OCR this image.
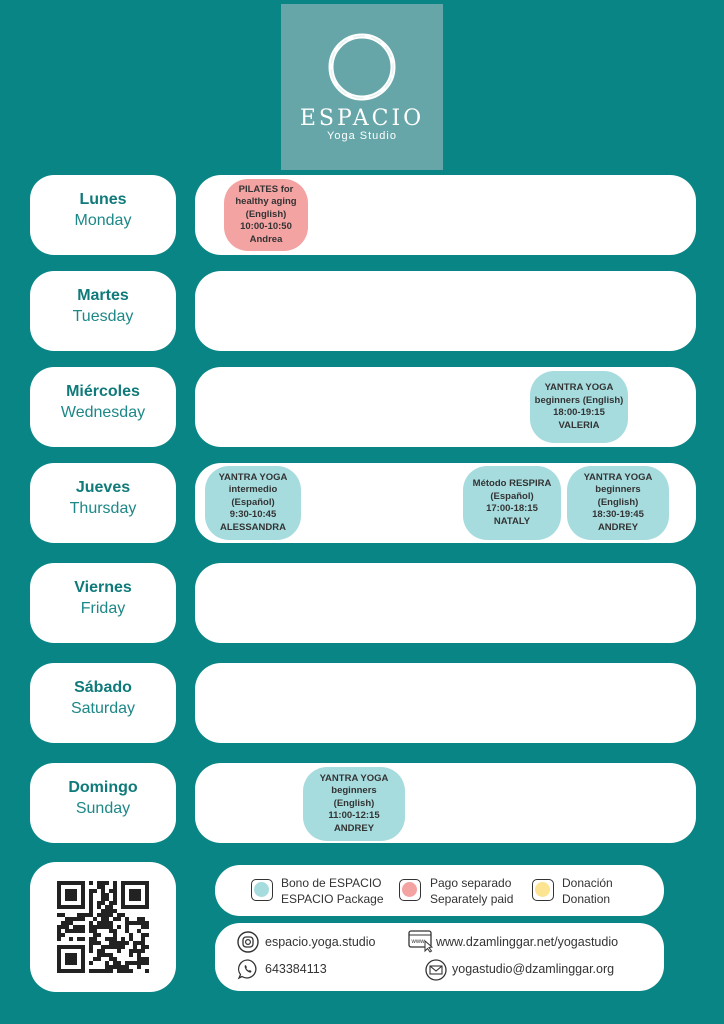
ESPACIO
Yoga Studio
Lunes
Monday
Martes
Tuesday
Miércoles
Wednesday
Jueves
Thursday
Viernes
Friday
Sábado
Saturday
Domingo
Sunday
PILATES for
healthy aging
(English)
10:00-10:50
Andrea
YANTRA YOGA
beginners (English)
18:00-19:15
VALERIA
YANTRA YOGA
intermedio
(Español)
9:30-10:45
ALESSANDRA
Método RESPIRA
(Español)
17:00-18:15
NATALY
YANTRA YOGA
beginners
(English)
18:30-19:45
ANDREY
YANTRA YOGA
beginners
(English)
11:00-12:15
ANDREY
Bono de ESPACIO
ESPACIO Package
Pago separado
Separately paid
Donación
Donation
espacio.yoga.studio	www www.dzamlinggar.net/yogastudio
643384113	yogastudio@dzamlinggar.org
